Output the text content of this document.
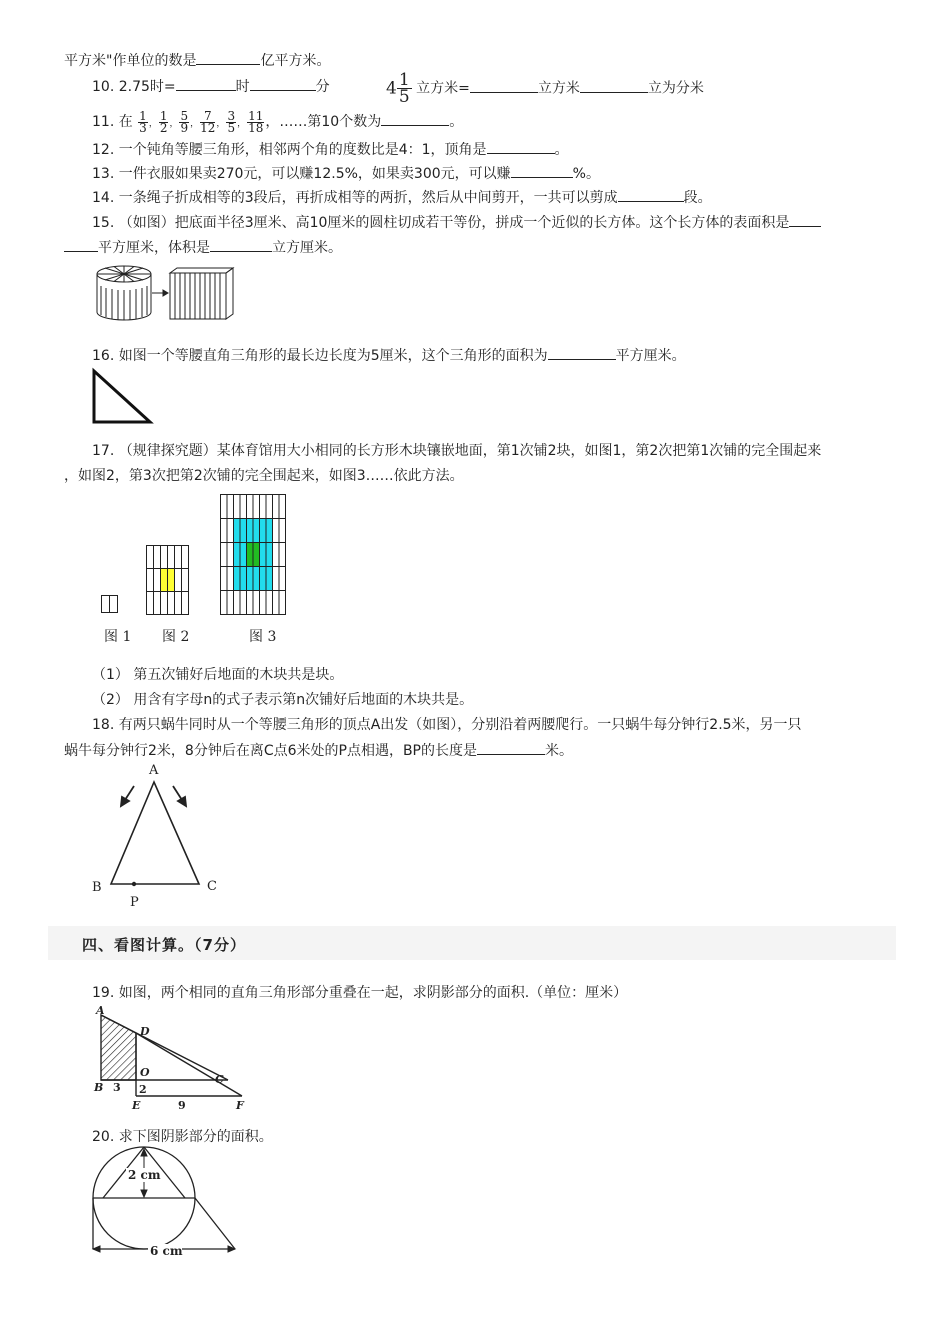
平方米"作单位的数是	亿平方米。
10. 2.75时=	时	分	$4 \frac{1}{5}$ 立方米=	立方米	立为分米
11. 在 $\frac{1}{3}$ ， $\frac{1}{2}$ ， $\frac{5}{9}$ ， $\frac{7}{12}$ ， $\frac{3}{5}$ ， $\frac{11}{18}$ ，……第10个数为	。
12. 一个钝角等腰三角形，相邻两个角的度数比是4：1，顶角是	。
13. 一件衣服如果卖270元，可以赚12.5%，如果卖300元，可以赚	%。
14. 一条绳子折成相等的3段后，再折成相等的两折，然后从中间剪开，一共可以剪成	段。
15. （如图）把底面半径3厘米、高10厘米的圆柱切成若干等份，拼成一个近似的长方体。这个长方体的表面积是
平方厘米，体积是	立方厘米。
16. 如图一个等腰直角三角形的最长边长度为5厘米，这个三角形的面积为	平方厘米。
17. （规律探究题）某体育馆用大小相同的长方形木块镶嵌地面，第1次铺2块，如图1，第2次把第1次铺的完全围起来
，如图2，第3次把第2次铺的完全围起来，如图3……依此方法。
图 1 图 2	图 3
（1） 第五次铺好后地面的木块共是块。
（2） 用含有字母n的式子表示第n次铺好后地面的木块共是。
18. 有两只蜗牛同时从一个等腰三角形的顶点A出发（如图），分别沿着两腰爬行。一只蜗牛每分钟行2.5米，另一只
蜗牛每分钟行2米，8分钟后在离C点6米处的P点相遇，BP的长度是	米。
A
B	C
P
四、看图计算。（7分）
19. 如图，两个相同的直角三角形部分重叠在一起，求阴影部分的面积.（单位：厘米）
A
D
O
C
B 3 2
E	9	F
20. 求下图阴影部分的面积。
2 cm
6 cm
